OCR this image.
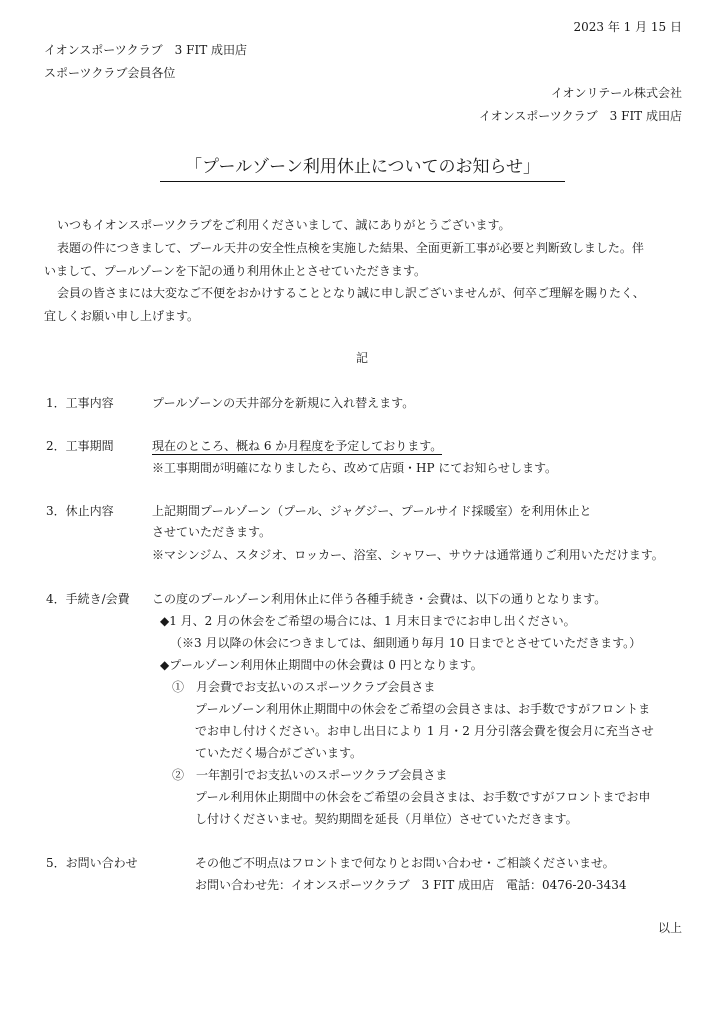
2023 年 1 月 15 日
イオンスポーツクラブ　3 FIT 成田店
スポーツクラブ会員各位
イオンリテール株式会社
イオンスポーツクラブ　3 FIT 成田店
「プールゾーン利用休止についてのお知らせ」
いつもイオンスポーツクラブをご利用くださいまして、誠にありがとうございます。
表題の件につきまして、プール天井の安全性点検を実施した結果、全面更新工事が必要と判断致しました。伴
いまして、プールゾーンを下記の通り利用休止とさせていただきます。
会員の皆さまには大変なご不便をおかけすることとなり誠に申し訳ございませんが、何卒ご理解を賜りたく、
宜しくお願い申し上げます。
記
1．工事内容	プールゾーンの天井部分を新規に入れ替えます。
2．工事期間	現在のところ、概ね 6 か月程度を予定しております。
※工事期間が明確になりましたら、改めて店頭・HP にてお知らせします。
3．休止内容	上記期間プールゾーン（プール、ジャグジー、プールサイド採暖室）を利用休止と
させていただきます。
※マシンジム、スタジオ、ロッカー、浴室、シャワー、サウナは通常通りご利用いただけます。
4．手続き/会費 この度のプールゾーン利用休止に伴う各種手続き・会費は、以下の通りとなります。
◆1 月、2 月の休会をご希望の場合には、1 月末日までにお申し出ください。
（※3 月以降の休会につきましては、細則通り毎月 10 日までとさせていただきます。）
◆プールゾーン利用休止期間中の休会費は 0 円となります。
①　月会費でお支払いのスポーツクラブ会員さま
プールゾーン利用休止期間中の休会をご希望の会員さまは、お手数ですがフロントま
でお申し付けください。お申し出日により 1 月・2 月分引落会費を復会月に充当させ
ていただく場合がございます。
②　一年割引でお支払いのスポーツクラブ会員さま
プール利用休止期間中の休会をご希望の会員さまは、お手数ですがフロントまでお申
し付けくださいませ。契約期間を延長（月単位）させていただきます。
5．お問い合わせ	その他ご不明点はフロントまで何なりとお問い合わせ・ご相談くださいませ。
お問い合わせ先：イオンスポーツクラブ　3 FIT 成田店　電話：0476-20-3434
以上
